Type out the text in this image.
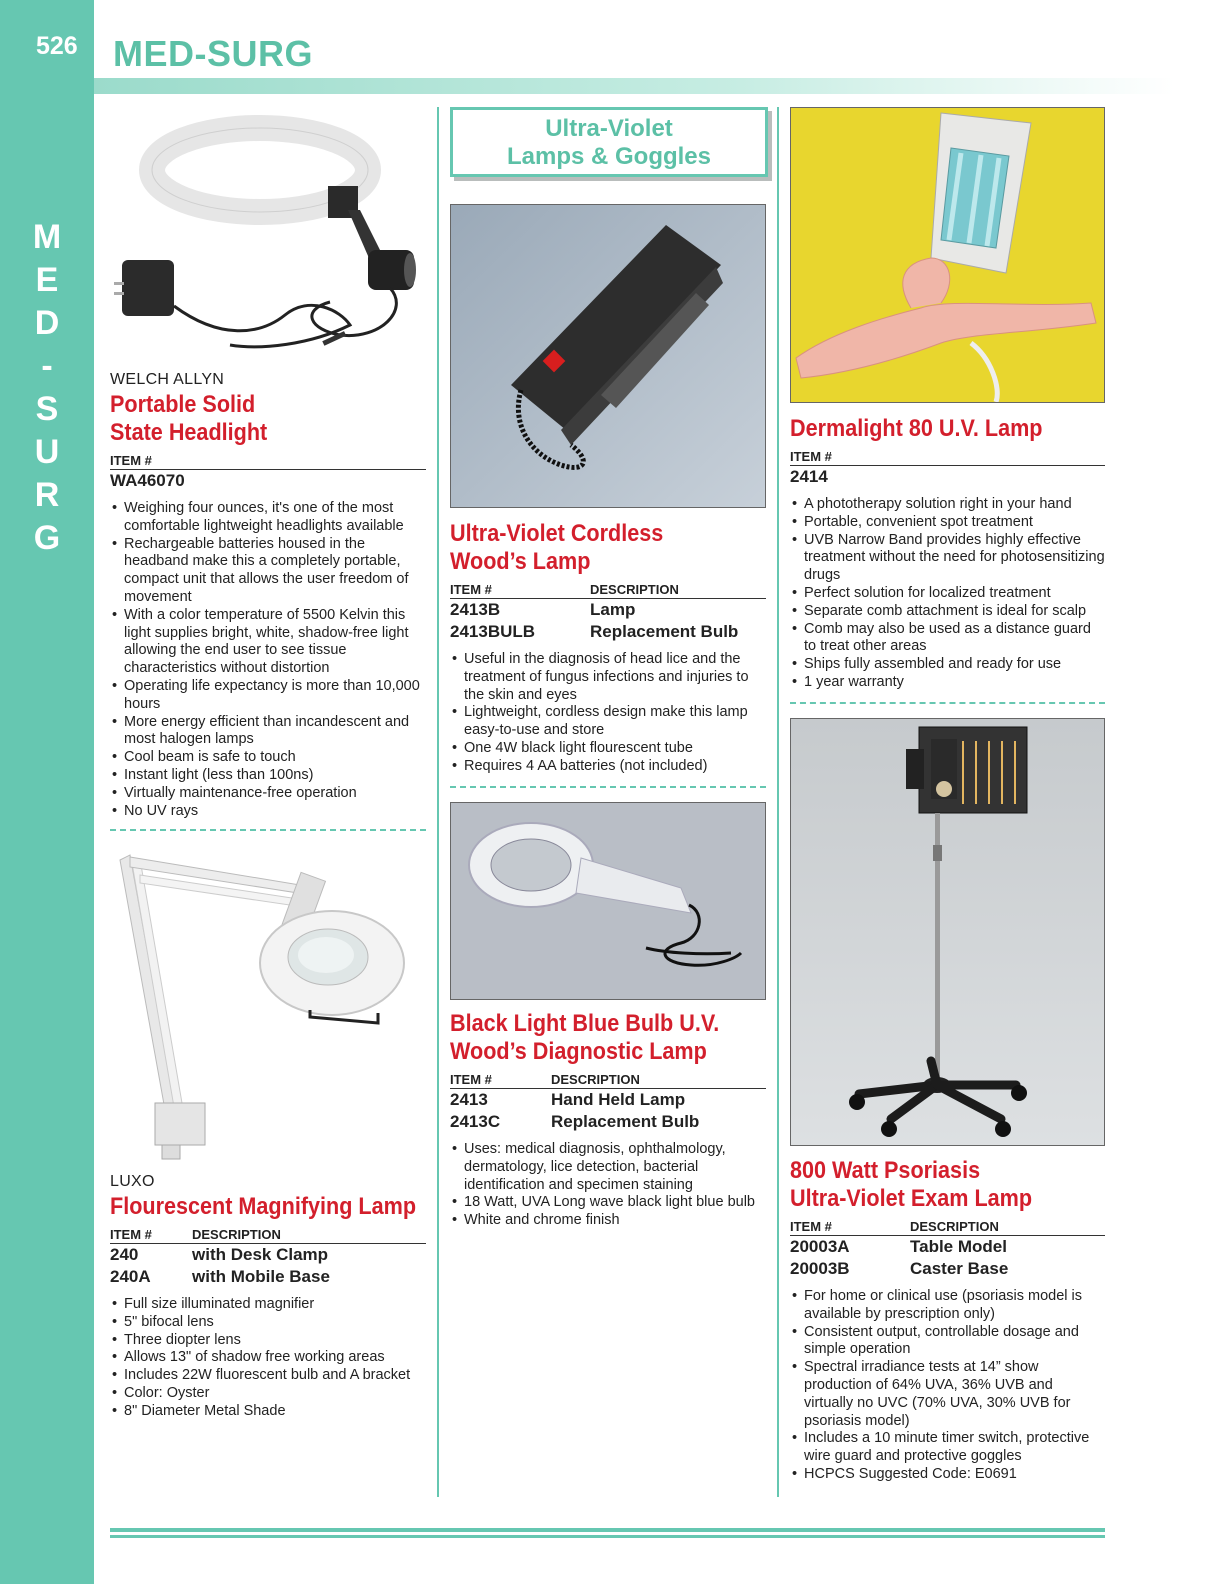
526
M
E
D
-
S
U
R
G
MED-SURG
Ultra-Violet
Lamps & Goggles
WELCH ALLYN
Portable Solid
State Headlight
ITEM #
WA46070
• Weighing four ounces, it's one of the most comfortable lightweight headlights available
• Rechargeable batteries housed in the headband make this a completely portable, compact unit that allows the user freedom of movement
• With a color temperature of 5500 Kelvin this light supplies bright, white, shadow-free light allowing the end user to see tissue characteristics without distortion
• Operating life expectancy is more than 10,000 hours
• More energy efficient than incandescent and most halogen lamps
• Cool beam is safe to touch
• Instant light (less than 100ns)
• Virtually maintenance-free operation
• No UV rays
LUXO
Flourescent Magnifying Lamp
ITEM #	DESCRIPTION
240	with Desk Clamp
240A	with Mobile Base
• Full size illuminated magnifier
• 5" bifocal lens
• Three diopter lens
• Allows 13" of shadow free working areas
• Includes 22W fluorescent bulb and A bracket
• Color: Oyster
• 8" Diameter Metal Shade
Ultra-Violet Cordless
Wood’s Lamp
ITEM #	DESCRIPTION
2413B	Lamp
2413BULB	Replacement Bulb
• Useful in the diagnosis of head lice and the treatment of fungus infections and injuries to the skin and eyes
• Lightweight, cordless design make this lamp easy-to-use and store
• One 4W black light flourescent tube
• Requires 4 AA batteries (not included)
Black Light Blue Bulb U.V.
Wood’s Diagnostic Lamp
ITEM #	DESCRIPTION
2413	Hand Held Lamp
2413C	Replacement Bulb
• Uses: medical diagnosis, ophthalmology, dermatology, lice detection, bacterial identification and specimen staining
• 18 Watt, UVA Long wave black light blue bulb
• White and chrome finish
Dermalight 80 U.V. Lamp
ITEM #
2414
• A phototherapy solution right in your hand
• Portable, convenient spot treatment
• UVB Narrow Band provides highly effective treatment without the need for photosensitizing drugs
• Perfect solution for localized treatment
• Separate comb attachment is ideal for scalp
• Comb may also be used as a distance guard to treat other areas
• Ships fully assembled and ready for use
• 1 year warranty
800 Watt Psoriasis
Ultra-Violet Exam Lamp
ITEM #	DESCRIPTION
20003A	Table Model
20003B	Caster Base
• For home or clinical use (psoriasis model is available by prescription only)
• Consistent output, controllable dosage and simple operation
• Spectral irradiance tests at 14” show production of 64% UVA, 36% UVB and virtually no UVC (70% UVA, 30% UVB for psoriasis model)
• Includes a 10 minute timer switch, protective wire guard and protective goggles
• HCPCS Suggested Code: E0691
